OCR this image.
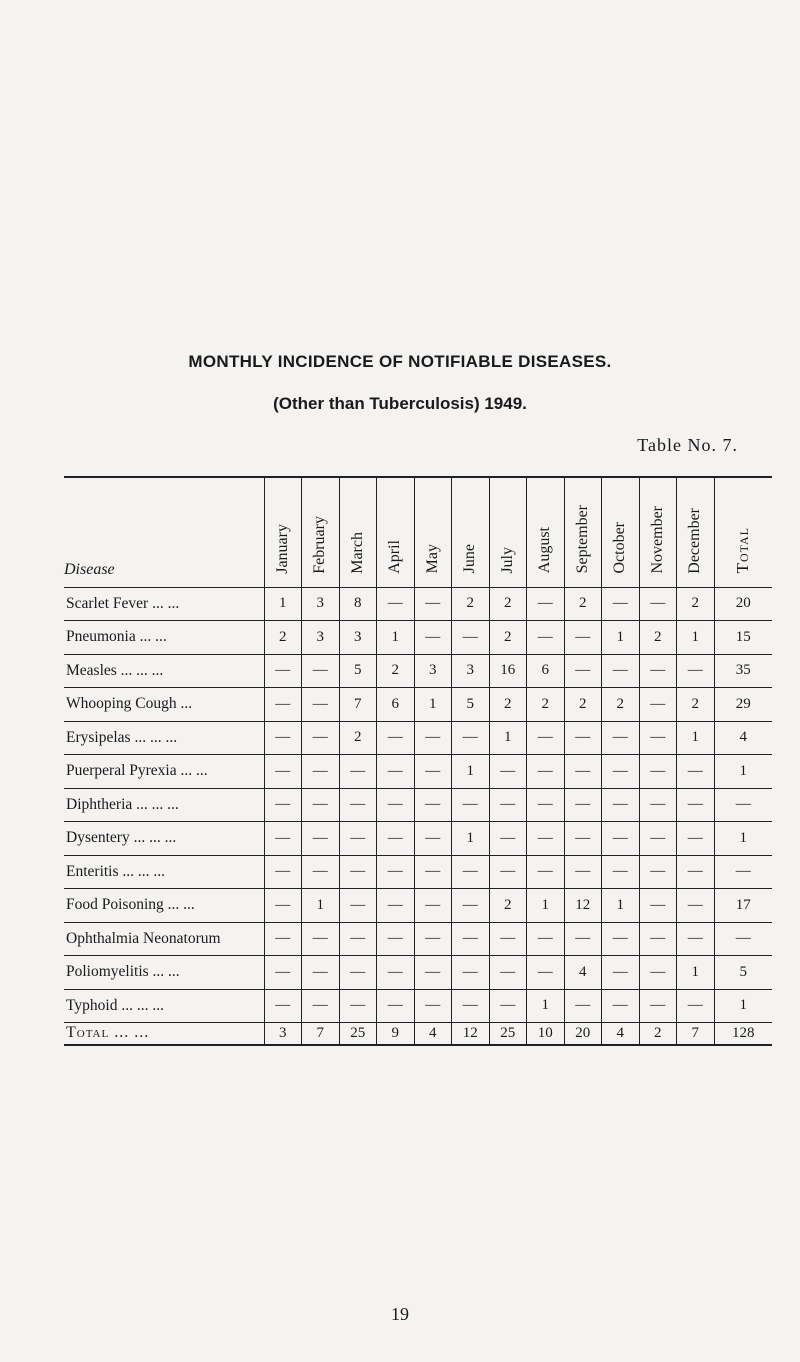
MONTHLY INCIDENCE OF NOTIFIABLE DISEASES.
(Other than Tuberculosis) 1949.
Table No. 7.
Disease	January	February	March	April	May	June	July	August	September	October	November	December	Total
Scarlet Fever ... ...	1	3	8	—	—	2	2	—	2	—	—	2	20
Pneumonia ... ...	2	3	3	1	—	—	2	—	—	1	2	1	15
Measles ... ... ...	—	—	5	2	3	3	16	6	—	—	—	—	35
Whooping Cough ...	—	—	7	6	1	5	2	2	2	2	—	2	29
Erysipelas ... ... ...	—	—	2	—	—	—	1	—	—	—	—	1	4
Puerperal Pyrexia ... ...	—	—	—	—	—	1	—	—	—	—	—	—	1
Diphtheria ... ... ...	—	—	—	—	—	—	—	—	—	—	—	—	—
Dysentery ... ... ...	—	—	—	—	—	1	—	—	—	—	—	—	1
Enteritis ... ... ...	—	—	—	—	—	—	—	—	—	—	—	—	—
Food Poisoning ... ...	—	1	—	—	—	—	2	1	12	1	—	—	17
Ophthalmia Neonatorum	—	—	—	—	—	—	—	—	—	—	—	—	—
Poliomyelitis ... ...	—	—	—	—	—	—	—	—	4	—	—	1	5
Typhoid ... ... ...	—	—	—	—	—	—	—	1	—	—	—	—	1
Total ... ...	3	7	25	9	4	12	25	10	20	4	2	7	128
19
